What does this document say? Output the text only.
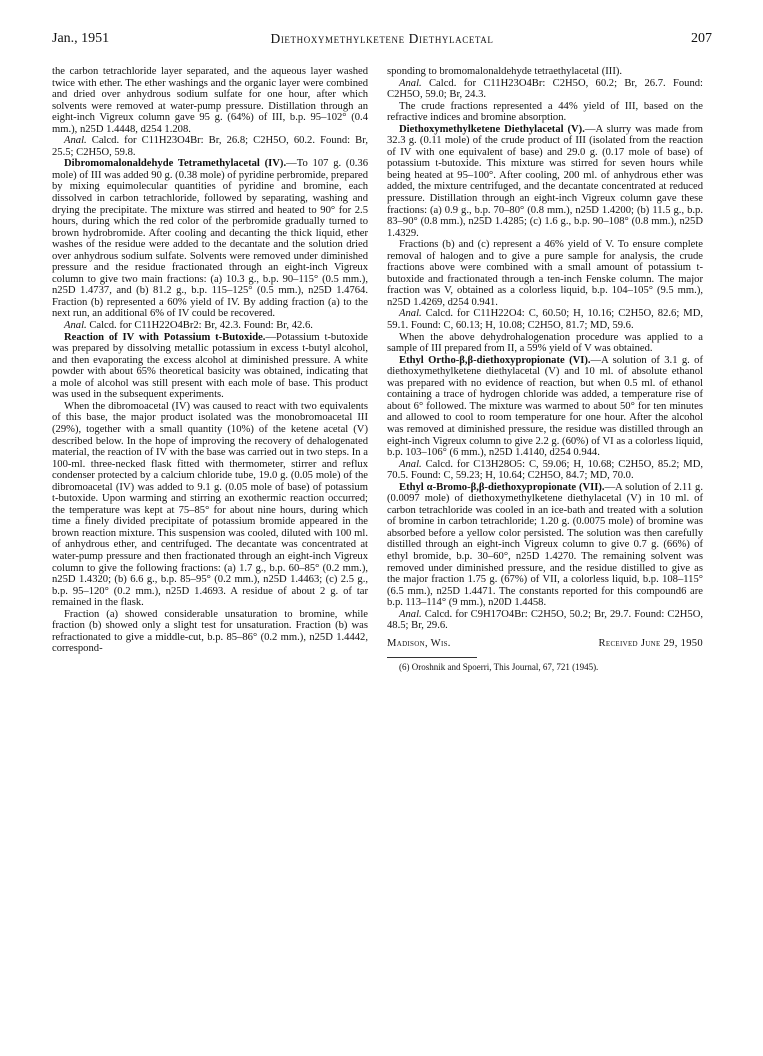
Jan., 1951	Diethoxymethylketene Diethylacetal	207

the carbon tetrachloride layer separated, and the aqueous layer washed twice with ether. The ether washings and the organic layer were combined and dried over anhydrous sodium sulfate for one hour, after which solvents were removed at water-pump pressure. Distillation through an eight-inch Vigreux column gave 95 g. (64%) of III, b.p. 95–102° (0.4 mm.), n25D 1.4448, d254 1.208.

Anal. Calcd. for C11H23O4Br: Br, 26.8; C2H5O, 60.2. Found: Br, 25.5; C2H5O, 59.8.

Dibromomalonaldehyde Tetramethylacetal (IV).—To 107 g. (0.36 mole) of III was added 90 g. (0.38 mole) of pyridine perbromide, prepared by mixing equimolecular quantities of pyridine and bromine, each dissolved in carbon tetrachloride, followed by separating, washing and drying the precipitate. The mixture was stirred and heated to 90° for 2.5 hours, during which the red color of the perbromide gradually turned to brown hydrobromide. After cooling and decanting the thick liquid, ether washes of the residue were added to the decantate and the solution dried over anhydrous sodium sulfate. Solvents were removed under diminished pressure and the residue fractionated through an eight-inch Vigreux column to give two main fractions: (a) 10.3 g., b.p. 90–115° (0.5 mm.), n25D 1.4737, and (b) 81.2 g., b.p. 115–125° (0.5 mm.), n25D 1.4764. Fraction (b) represented a 60% yield of IV. By adding fraction (a) to the next run, an additional 6% of IV could be recovered.

Anal. Calcd. for C11H22O4Br2: Br, 42.3. Found: Br, 42.6.

Reaction of IV with Potassium t-Butoxide.—Potassium t-butoxide was prepared by dissolving metallic potassium in excess t-butyl alcohol, and then evaporating the excess alcohol at diminished pressure. A white powder with about 65% theoretical basicity was obtained, indicating that a mole of alcohol was still present with each mole of base. This product was used in the subsequent experiments.

When the dibromoacetal (IV) was caused to react with two equivalents of this base, the major product isolated was the monobromoacetal III (29%), together with a small quantity (10%) of the ketene acetal (V) described below. In the hope of improving the recovery of dehalogenated material, the reaction of IV with the base was carried out in two steps. In a 100-ml. three-necked flask fitted with thermometer, stirrer and reflux condenser protected by a calcium chloride tube, 19.0 g. (0.05 mole) of the dibromoacetal (IV) was added to 9.1 g. (0.05 mole of base) of potassium t-butoxide. Upon warming and stirring an exothermic reaction occurred; the temperature was kept at 75–85° for about nine hours, during which time a finely divided precipitate of potassium bromide appeared in the brown reaction mixture. This suspension was cooled, diluted with 100 ml. of anhydrous ether, and centrifuged. The decantate was concentrated at water-pump pressure and then fractionated through an eight-inch Vigreux column to give the following fractions: (a) 1.7 g., b.p. 60–85° (0.2 mm.), n25D 1.4320; (b) 6.6 g., b.p. 85–95° (0.2 mm.), n25D 1.4463; (c) 2.5 g., b.p. 95–120° (0.2 mm.), n25D 1.4693. A residue of about 2 g. of tar remained in the flask.

Fraction (a) showed considerable unsaturation to bromine, while fraction (b) showed only a slight test for unsaturation. Fraction (b) was refractionated to give a middle-cut, b.p. 85–86° (0.2 mm.), n25D 1.4442, correspond-

sponding to bromomalonaldehyde tetraethylacetal (III).

Anal. Calcd. for C11H23O4Br: C2H5O, 60.2; Br, 26.7. Found: C2H5O, 59.0; Br, 24.3.

The crude fractions represented a 44% yield of III, based on the refractive indices and bromine absorption.

Diethoxymethylketene Diethylacetal (V).—A slurry was made from 32.3 g. (0.11 mole) of the crude product of III (isolated from the reaction of IV with one equivalent of base) and 29.0 g. (0.17 mole of base) of potassium t-butoxide. This mixture was stirred for seven hours while being heated at 95–100°. After cooling, 200 ml. of anhydrous ether was added, the mixture centrifuged, and the decantate concentrated at reduced pressure. Distillation through an eight-inch Vigreux column gave these fractions: (a) 0.9 g., b.p. 70–80° (0.8 mm.), n25D 1.4200; (b) 11.5 g., b.p. 83–90° (0.8 mm.), n25D 1.4285; (c) 1.6 g., b.p. 90–108° (0.8 mm.), n25D 1.4329.

Fractions (b) and (c) represent a 46% yield of V. To ensure complete removal of halogen and to give a pure sample for analysis, the crude fractions above were combined with a small amount of potassium t-butoxide and fractionated through a ten-inch Fenske column. The major fraction was V, obtained as a colorless liquid, b.p. 104–105° (9.5 mm.), n25D 1.4269, d254 0.941.

Anal. Calcd. for C11H22O4: C, 60.50; H, 10.16; C2H5O, 82.6; MD, 59.1. Found: C, 60.13; H, 10.08; C2H5O, 81.7; MD, 59.6.

When the above dehydrohalogenation procedure was applied to a sample of III prepared from II, a 59% yield of V was obtained.

Ethyl Ortho-β,β-diethoxypropionate (VI).—A solution of 3.1 g. of diethoxymethylketene diethylacetal (V) and 10 ml. of absolute ethanol was prepared with no evidence of reaction, but when 0.5 ml. of ethanol containing a trace of hydrogen chloride was added, a temperature rise of about 6° followed. The mixture was warmed to about 50° for ten minutes and allowed to cool to room temperature for one hour. After the alcohol was removed at diminished pressure, the residue was distilled through an eight-inch Vigreux column to give 2.2 g. (60%) of VI as a colorless liquid, b.p. 103–106° (6 mm.), n25D 1.4140, d254 0.944.

Anal. Calcd. for C13H28O5: C, 59.06; H, 10.68; C2H5O, 85.2; MD, 70.5. Found: C, 59.23; H, 10.64; C2H5O, 84.7; MD, 70.0.

Ethyl α-Bromo-β,β-diethoxypropionate (VII).—A solution of 2.11 g. (0.0097 mole) of diethoxymethylketene diethylacetal (V) in 10 ml. of carbon tetrachloride was cooled in an ice-bath and treated with a solution of bromine in carbon tetrachloride; 1.20 g. (0.0075 mole) of bromine was absorbed before a yellow color persisted. The solution was then carefully distilled through an eight-inch Vigreux column to give 0.7 g. (66%) of ethyl bromide, b.p. 30–60°, n25D 1.4270. The remaining solvent was removed under diminished pressure, and the residue distilled to give as the major fraction 1.75 g. (67%) of VII, a colorless liquid, b.p. 108–115° (6.5 mm.), n25D 1.4471. The constants reported for this compound6 are b.p. 113–114° (9 mm.), n20D 1.4458.

Anal. Calcd. for C9H17O4Br: C2H5O, 50.2; Br, 29.7. Found: C2H5O, 48.5; Br, 29.6.

Madison, Wis.	Received June 29, 1950

(6) Oroshnik and Spoerri, This Journal, 67, 721 (1945).
